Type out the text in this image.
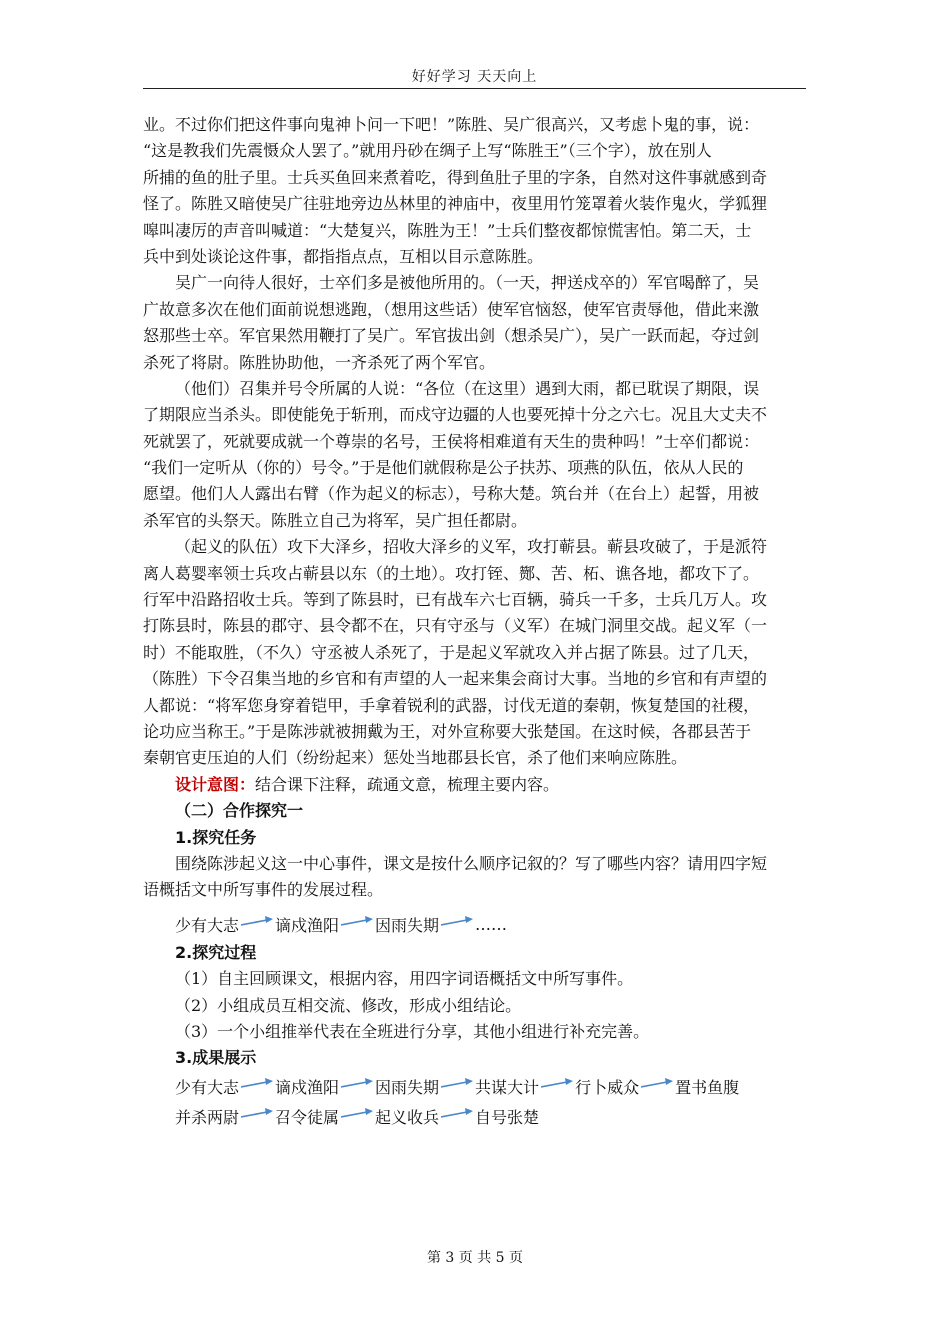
好好学习 天天向上
业。不过你们把这件事向鬼神卜问一下吧！”陈胜、吴广很高兴，又考虑卜鬼的事，说：
“这是教我们先震慑众人罢了。”就用丹砂在绸子上写“陈胜王”（三个字），放在别人
所捕的鱼的肚子里。士兵买鱼回来煮着吃，得到鱼肚子里的字条，自然对这件事就感到奇
怪了。陈胜又暗使吴广往驻地旁边丛林里的神庙中，夜里用竹笼罩着火装作鬼火，学狐狸
嗥叫凄厉的声音叫喊道：“大楚复兴，陈胜为王！”士兵们整夜都惊慌害怕。第二天，士
兵中到处谈论这件事，都指指点点，互相以目示意陈胜。
吴广一向待人很好，士卒们多是被他所用的。（一天，押送戍卒的）军官喝醉了，吴
广故意多次在他们面前说想逃跑，（想用这些话）使军官恼怒，使军官责辱他，借此来激
怒那些士卒。军官果然用鞭打了吴广。军官拔出剑（想杀吴广），吴广一跃而起，夺过剑
杀死了将尉。陈胜协助他，一齐杀死了两个军官。
（他们）召集并号令所属的人说：“各位（在这里）遇到大雨，都已耽误了期限，误
了期限应当杀头。即使能免于斩刑，而戍守边疆的人也要死掉十分之六七。况且大丈夫不
死就罢了，死就要成就一个尊崇的名号，王侯将相难道有天生的贵种吗！”士卒们都说：
“我们一定听从（你的）号令。”于是他们就假称是公子扶苏、项燕的队伍，依从人民的
愿望。他们人人露出右臂（作为起义的标志），号称大楚。筑台并（在台上）起誓，用被
杀军官的头祭天。陈胜立自己为将军，吴广担任都尉。
（起义的队伍）攻下大泽乡，招收大泽乡的义军，攻打蕲县。蕲县攻破了，于是派符
离人葛婴率领士兵攻占蕲县以东（的土地）。攻打铚、酂、苦、柘、谯各地，都攻下了。
行军中沿路招收士兵。等到了陈县时，已有战车六七百辆，骑兵一千多，士兵几万人。攻
打陈县时，陈县的郡守、县令都不在，只有守丞与（义军）在城门洞里交战。起义军（一
时）不能取胜，（不久）守丞被人杀死了，于是起义军就攻入并占据了陈县。过了几天，
（陈胜）下令召集当地的乡官和有声望的人一起来集会商讨大事。当地的乡官和有声望的
人都说：“将军您身穿着铠甲，手拿着锐利的武器，讨伐无道的秦朝，恢复楚国的社稷，
论功应当称王。”于是陈涉就被拥戴为王，对外宣称要大张楚国。在这时候，各郡县苦于
秦朝官吏压迫的人们（纷纷起来）惩处当地郡县长官，杀了他们来响应陈胜。
设计意图：结合课下注释，疏通文意，梳理主要内容。
（二）合作探究一
1.探究任务
围绕陈涉起义这一中心事件，课文是按什么顺序记叙的？写了哪些内容？请用四字短
语概括文中所写事件的发展过程。
少有大志 谪戍渔阳 因雨失期 ……
2.探究过程
（1）自主回顾课文，根据内容，用四字词语概括文中所写事件。
（2）小组成员互相交流、修改，形成小组结论。
（3）一个小组推举代表在全班进行分享，其他小组进行补充完善。
3.成果展示
少有大志 谪戍渔阳 因雨失期 共谋大计 行卜威众 置书鱼腹
并杀两尉 召令徒属 起义收兵 自号张楚
第 3 页 共 5 页
